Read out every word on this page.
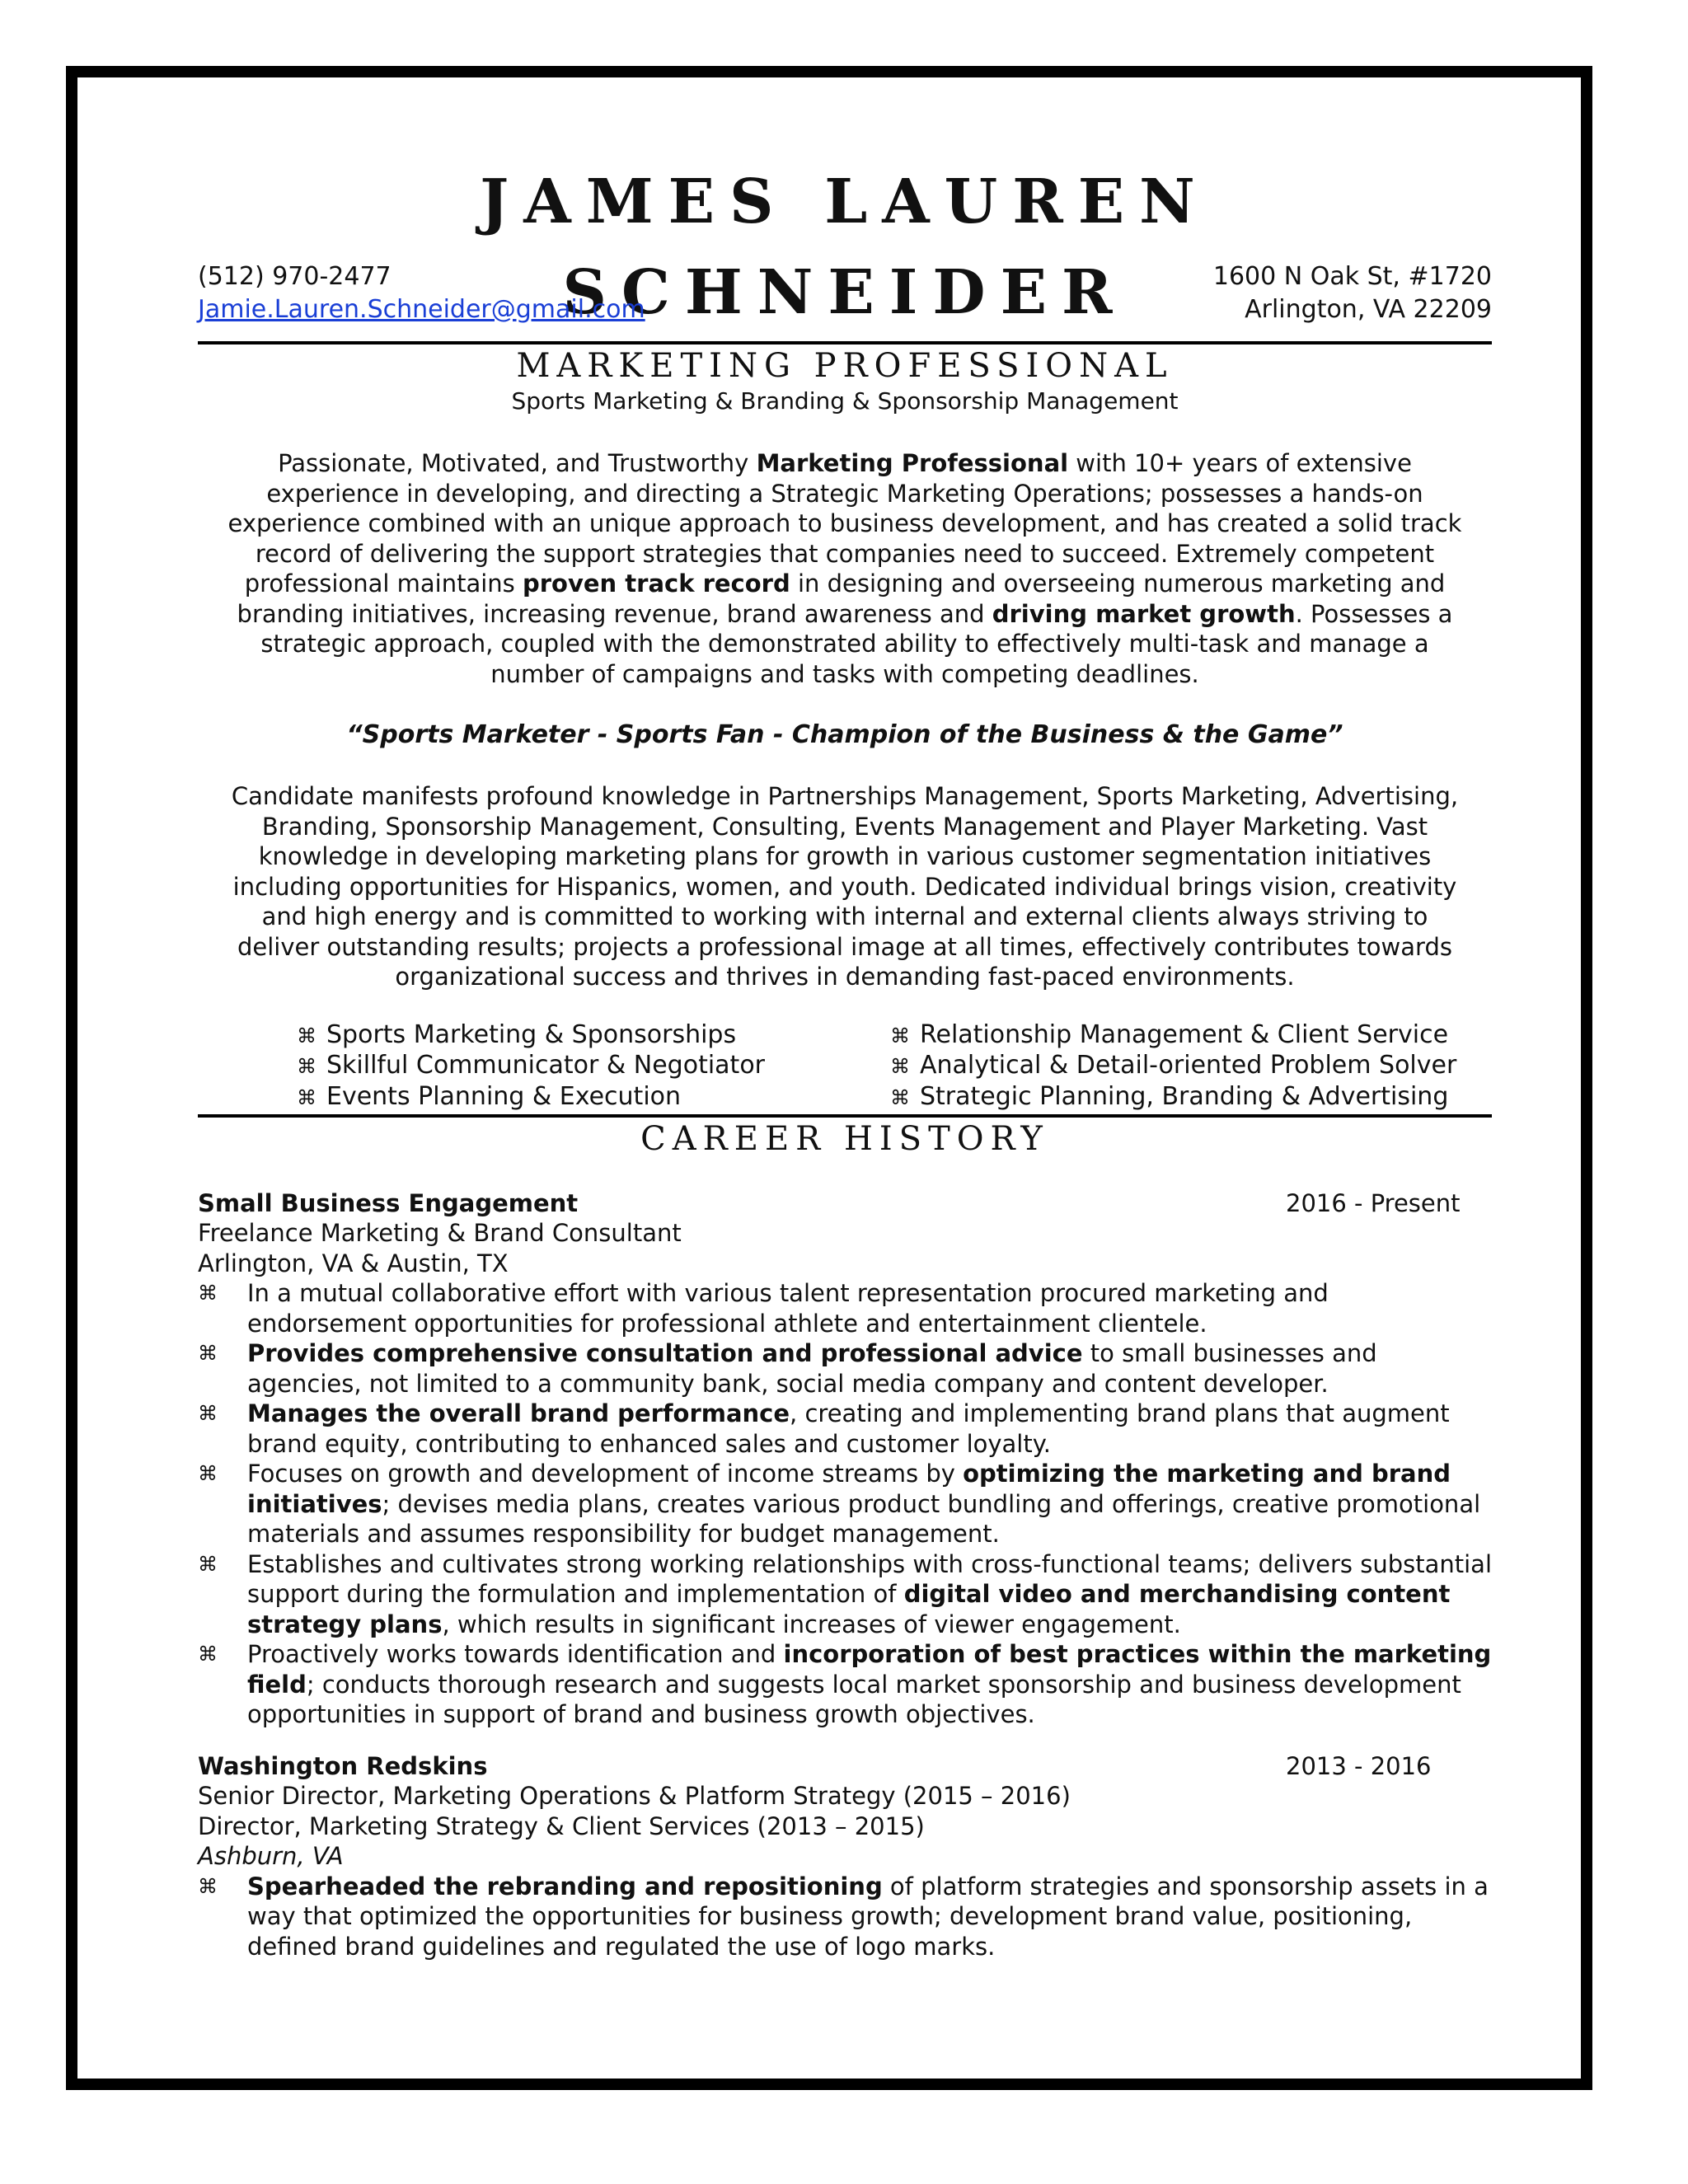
JAMES LAUREN SCHNEIDER
(512) 970-2477
Jamie.Lauren.Schneider@gmail.com
1600 N Oak St, #1720
Arlington, VA 22209
MARKETING PROFESSIONAL
Sports Marketing & Branding & Sponsorship Management
Passionate, Motivated, and Trustworthy Marketing Professional with 10+ years of extensive experience in developing, and directing a Strategic Marketing Operations; possesses a hands-on experience combined with an unique approach to business development, and has created a solid track record of delivering the support strategies that companies need to succeed. Extremely competent professional maintains proven track record in designing and overseeing numerous marketing and branding initiatives, increasing revenue, brand awareness and driving market growth. Possesses a strategic approach, coupled with the demonstrated ability to effectively multi-task and manage a number of campaigns and tasks with competing deadlines.
“Sports Marketer - Sports Fan - Champion of the Business & the Game”
Candidate manifests profound knowledge in Partnerships Management, Sports Marketing, Advertising, Branding, Sponsorship Management, Consulting, Events Management and Player Marketing. Vast knowledge in developing marketing plans for growth in various customer segmentation initiatives including opportunities for Hispanics, women, and youth. Dedicated individual brings vision, creativity and high energy and is committed to working with internal and external clients always striving to deliver outstanding results; projects a professional image at all times, effectively contributes towards organizational success and thrives in demanding fast-paced environments.
⌘ Sports Marketing & Sponsorships
⌘ Skillful Communicator & Negotiator
⌘ Events Planning & Execution
⌘ Relationship Management & Client Service
⌘ Analytical & Detail-oriented Problem Solver
⌘ Strategic Planning, Branding & Advertising
CAREER HISTORY
Small Business Engagement	2016 - Present
Freelance Marketing & Brand Consultant
Arlington, VA & Austin, TX
⌘ In a mutual collaborative effort with various talent representation procured marketing and endorsement opportunities for professional athlete and entertainment clientele.
⌘ Provides comprehensive consultation and professional advice to small businesses and agencies, not limited to a community bank, social media company and content developer.
⌘ Manages the overall brand performance, creating and implementing brand plans that augment brand equity, contributing to enhanced sales and customer loyalty.
⌘ Focuses on growth and development of income streams by optimizing the marketing and brand initiatives; devises media plans, creates various product bundling and offerings, creative promotional materials and assumes responsibility for budget management.
⌘ Establishes and cultivates strong working relationships with cross-functional teams; delivers substantial support during the formulation and implementation of digital video and merchandising content strategy plans, which results in significant increases of viewer engagement.
⌘ Proactively works towards identification and incorporation of best practices within the marketing field; conducts thorough research and suggests local market sponsorship and business development opportunities in support of brand and business growth objectives.
Washington Redskins	2013 - 2016
Senior Director, Marketing Operations & Platform Strategy (2015 – 2016)
Director, Marketing Strategy & Client Services (2013 – 2015)
Ashburn, VA
⌘ Spearheaded the rebranding and repositioning of platform strategies and sponsorship assets in a way that optimized the opportunities for business growth; development brand value, positioning, defined brand guidelines and regulated the use of logo marks.
